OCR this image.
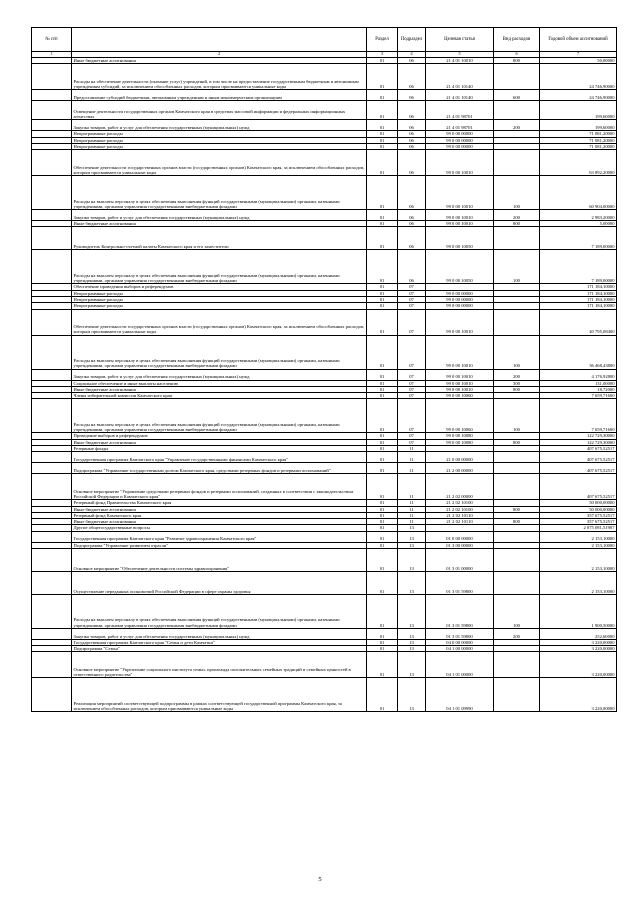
№ п/п		Раздел	Подраздел	Целевая статья	Вид расходов	Годовой объем ассигнований
1	2	3	4	5	6	7
	Иные бюджетные ассигнования	01	06	21 4 01 10010	800	50,00000
	Расходы на обеспечение деятельности (оказание услуг) учреждений, в том числе на предоставление государственным бюджетным и автономным учреждениям субсидий, за исключением обособленных расходов, которым присваиваются уникальные коды	01	06	21 4 01 10140		24 746,90000
	Предоставление субсидий бюджетным, автономным учреждениям и иным некоммерческим организациям	01	06	21 4 01 10140	600	24 746,90000
	Освещение деятельности государственных органов Камчатского края в средствах массовой информации и федеральных информационных агентствах	01	06	21 4 01 98701		199,60000
	Закупка товаров, работ и услуг для обеспечения государственных (муниципальных) нужд	01	06	21 4 01 98701	200	199,60000
	Непрограммные расходы	01	06	99 0 00 00000		71 081,20000
	Непрограммные расходы	01	06	99 0 00 00000		71 081,20000
	Непрограммные расходы	01	06	99 0 00 00000		71 081,20000
	Обеспечение деятельности государственных органов власти (государственных органов) Камчатского края, за исключением обособленных расходов, которым присваиваются уникальные коды	01	06	99 0 00 10010		63 892,20000
	Расходы на выплаты персоналу в целях обеспечения выполнения функций государственными (муниципальными) органами, казенными учреждениями, органами управления государственными внебюджетными фондами	01	06	99 0 00 10010	100	60 904,00000
	Закупка товаров, работ и услуг для обеспечения государственных (муниципальных) нужд	01	06	99 0 00 10010	200	2 983,20000
	Иные бюджетные ассигнования	01	06	99 0 00 10010	800	5,00000
	Руководитель Контрольно-счетной палаты Камчатского края и его заместители	01	06	99 0 00 10050		7 189,00000
	Расходы на выплаты персоналу в целях обеспечения выполнения функций государственными (муниципальными) органами, казенными учреждениями, органами управления государственными внебюджетными фондами	01	06	99 0 00 10050	100	7 189,00000
	Обеспечение проведения выборов и референдумов	01	07			171 184,10000
	Непрограммные расходы	01	07	99 0 00 00000		171 184,10000
	Непрограммные расходы	01	07	99 0 00 00000		171 184,10000
	Непрограммные расходы	01	07	99 0 00 00000		171 184,10000
	Обеспечение деятельности государственных органов власти (государственных органов) Камчатского края, за исключением обособленных расходов, которым присваиваются уникальные коды	01	07	99 0 00 10010		40 795,08400
	Расходы на выплаты персоналу в целях обеспечения выполнения функций государственными (муниципальными) органами, казенными учреждениями, органами управления государственными внебюджетными фондами	01	07	99 0 00 10010	100	36 468,43800
	Закупка товаров, работ и услуг для обеспечения государственных (муниципальных) нужд	01	07	99 0 00 10010	200	4 176,92800
	Социальное обеспечение и иные выплаты населению	01	07	99 0 00 10010	300	131,00000
	Иные бюджетные ассигнования	01	07	99 0 00 10010	800	18,72000
	Члены избирательной комиссии Камчатского края	01	07	99 0 00 10060		7 659,71600
	Расходы на выплаты персоналу в целях обеспечения выполнения функций государственными (муниципальными) органами, казенными учреждениями, органами управления государственными внебюджетными фондами	01	07	99 0 00 10060	100	7 659,71600
	Проведение выборов и референдумов	01	07	99 0 00 10080		122 729,30000
	Иные бюджетные ассигнования	01	07	99 0 00 10080	800	122 729,30000
	Резервные фонды	01	11			407 675,52517
	Государственная программа Камчатского края "Управление государственными финансами Камчатского края"	01	11	21 0 00 00000		407 675,52517
	Подпрограмма "Управление государственным долгом Камчатского края, средствами резервных фондов и резервами ассигнований"	01	11	21 2 00 00000		407 675,52517
	Основное мероприятие "Управление средствами резервных фондов и резервами ассигнований, созданных в соответствии с законодательством Российской Федерации и Камчатского края"	01	11	21 2 02 00000		407 675,52517
	Резервный фонд Правительства Камчатского края	01	11	21 2 02 10100		50 000,00000
	Иные бюджетные ассигнования	01	11	21 2 02 10100	800	50 000,00000
	Резервный фонд Камчатского края	01	11	21 2 02 10110		357 675,52517
	Иные бюджетные ассигнования	01	11	21 2 02 10110	800	357 675,52517
	Другие общегосударственные вопросы	01	13			2 075 081,51907
	Государственная программа Камчатского края "Развитие здравоохранения Камчатского края"	01	13	01 0 00 00000		2 153,10000
	Подпрограмма "Управление развитием отрасли"	01	13	01 3 00 00000		2 153,10000
	Основное мероприятие "Обеспечение деятельности системы здравоохранения"	01	13	01 3 01 00000		2 153,10000
	Осуществление переданных полномочий Российской Федерации в сфере охраны здоровья	01	13	01 3 01 59800		2 153,10000
	Расходы на выплаты персоналу в целях обеспечения выполнения функций государственными (муниципальными) органами, казенными учреждениями, органами управления государственными внебюджетными фондами	01	13	01 3 01 59800	100	1 900,50000
	Закупка товаров, работ и услуг для обеспечения государственных (муниципальных) нужд	01	13	01 3 01 59800	200	252,60000
	Государственная программа Камчатского края "Семья и дети Камчатки"	01	13	04 0 00 00000		3 220,00000
	Подпрограмма "Семья"	01	13	04 1 00 00000		3 220,00000
	Основное мероприятие "Укрепление социального института семьи, пропаганда положительных семейных традиций и семейных ценностей в ответственного родительства"	01	13	04 1 01 00000		3 220,00000
	Реализация мероприятий соответствующей подпрограммы в рамках соответствующей государственной программы Камчатского края, за исключением обособленных расходов, которым присваиваются уникальные коды	01	13	04 1 01 09990		3 220,00000
5
